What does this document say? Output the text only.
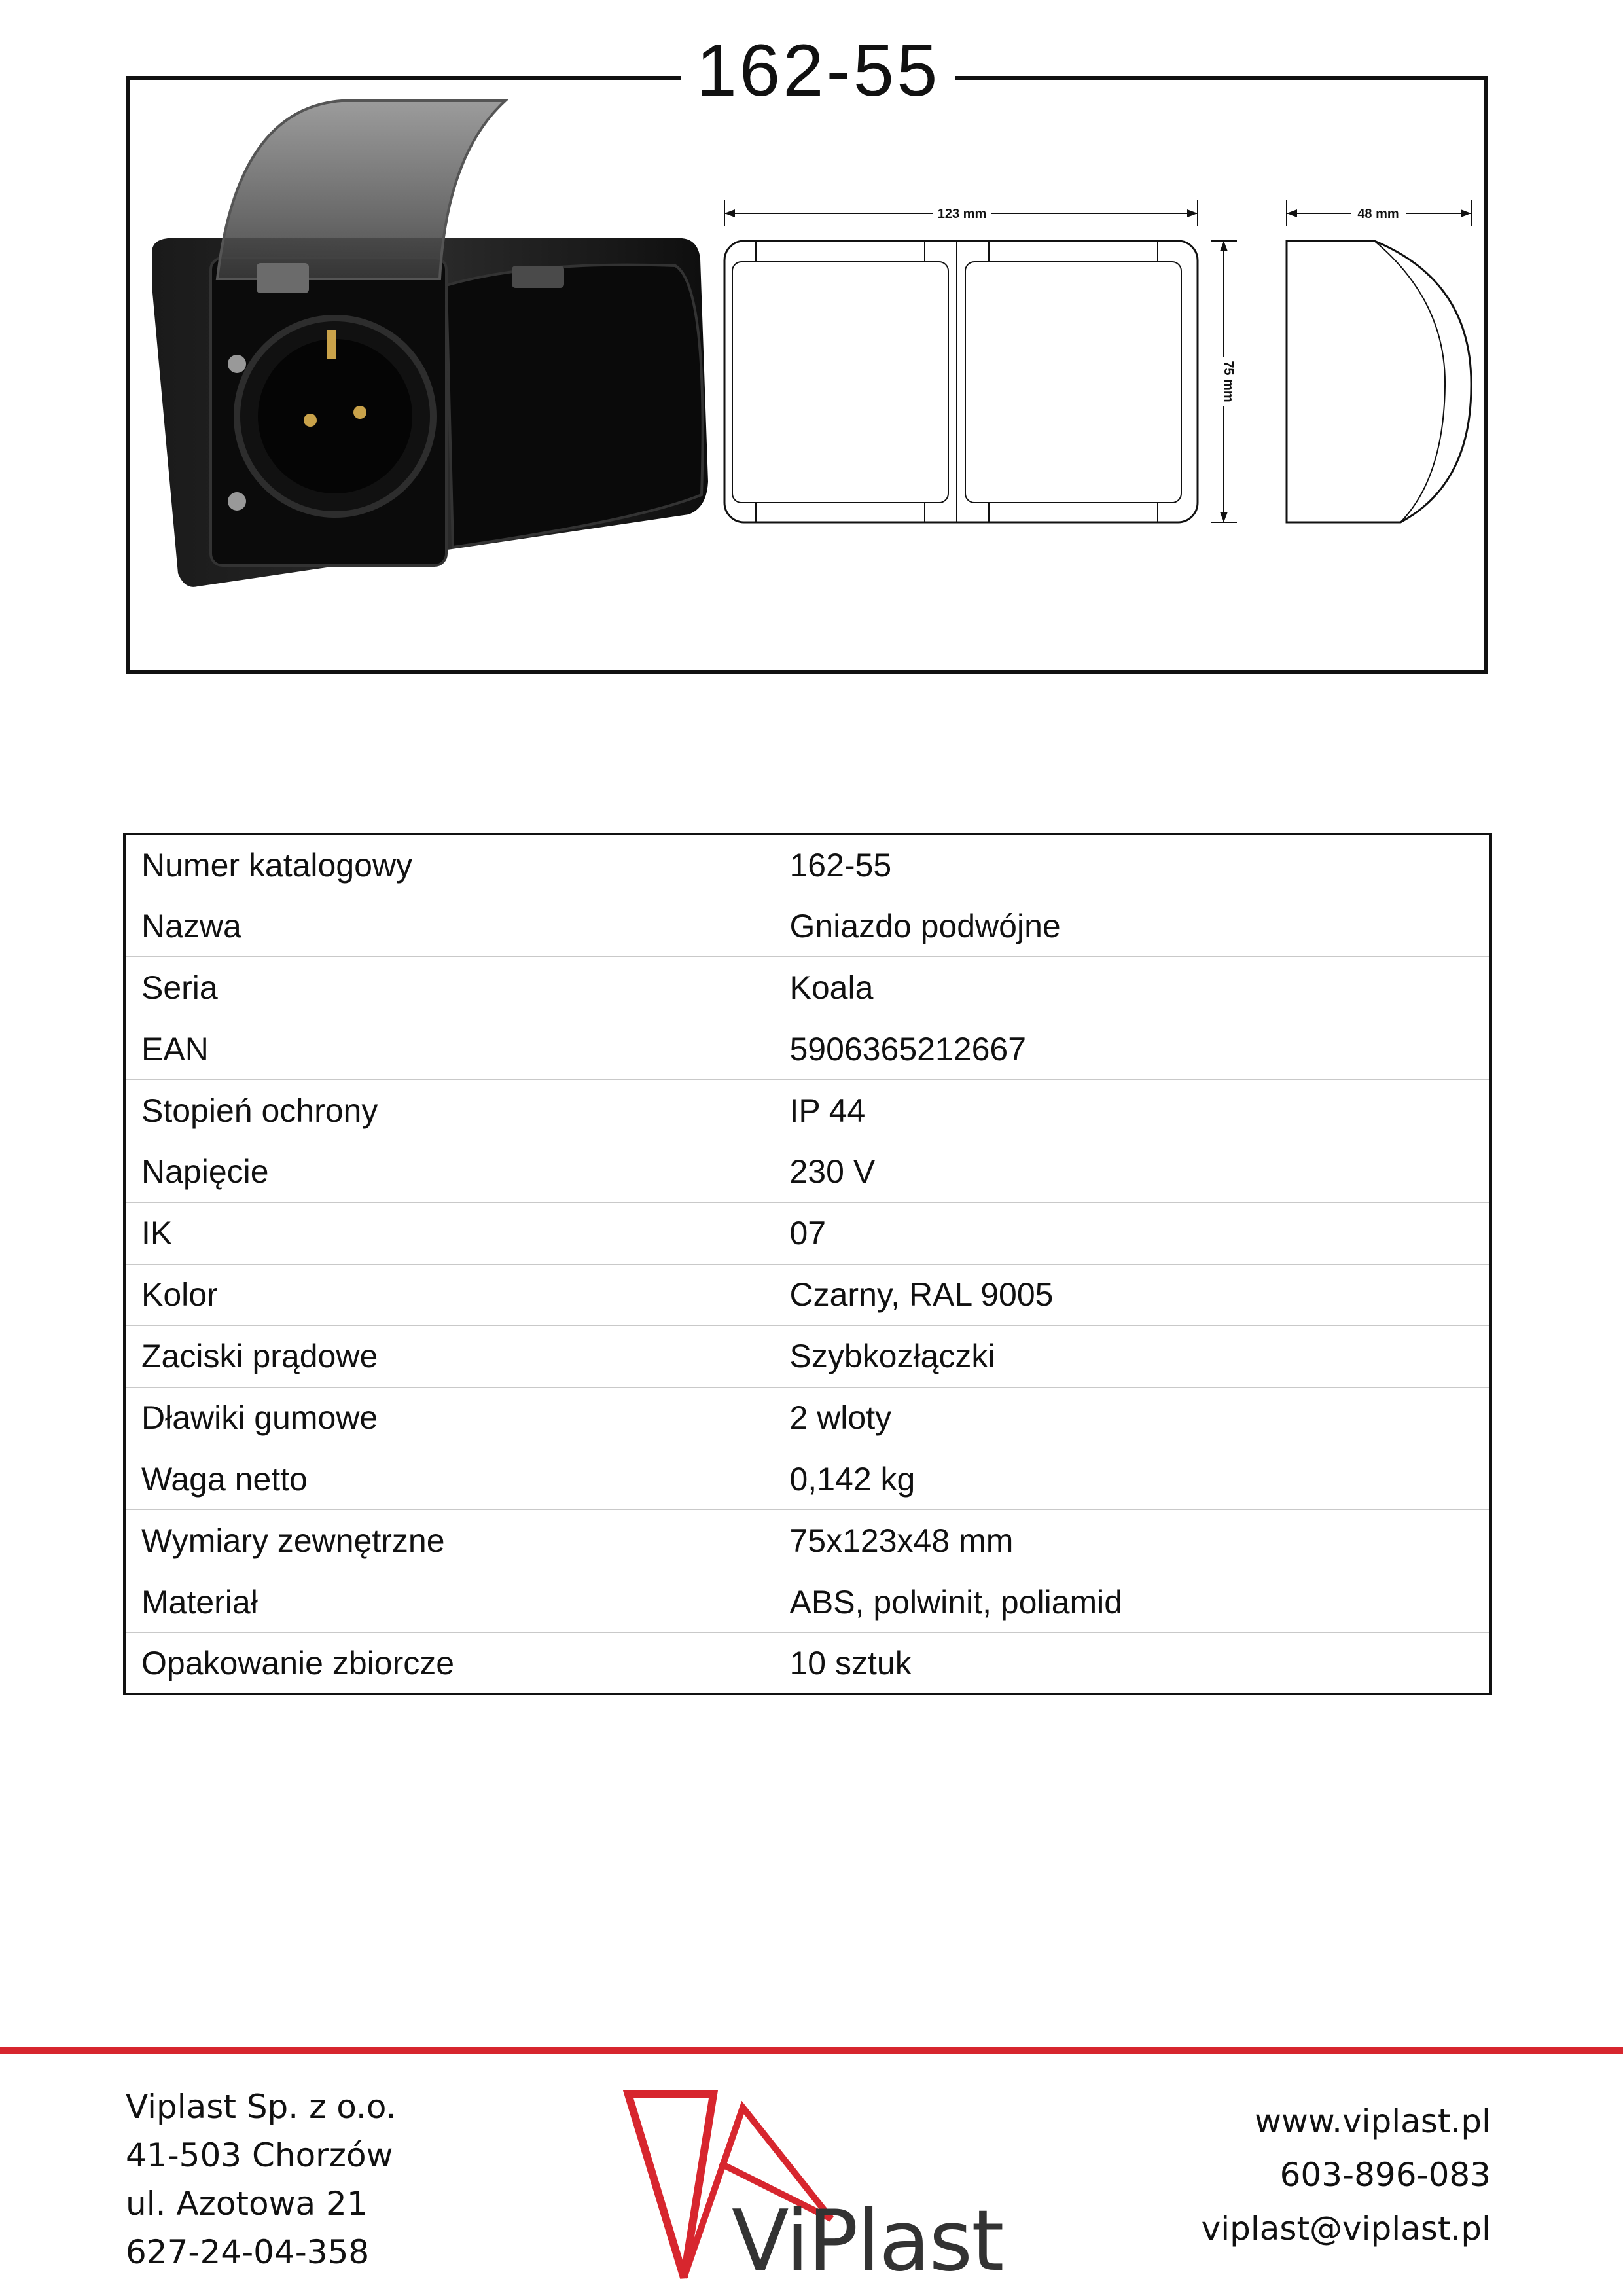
162-55
123 mm
75 mm
48 mm
Numer katalogowy	162-55
Nazwa	Gniazdo podwójne
Seria	Koala
EAN	5906365212667
Stopień ochrony	IP 44
Napięcie	230 V
IK	07
Kolor	Czarny, RAL 9005
Zaciski prądowe	Szybkozłączki
Dławiki gumowe	2 wloty
Waga netto	0,142 kg
Wymiary zewnętrzne	75x123x48 mm
Materiał	ABS, polwinit, poliamid
Opakowanie zbiorcze	10 sztuk
Viplast Sp. z o.o.
41-503 Chorzów
ul. Azotowa 21
627-24-04-358	ViPlast
www.viplast.pl
603-896-083
viplast@viplast.pl
